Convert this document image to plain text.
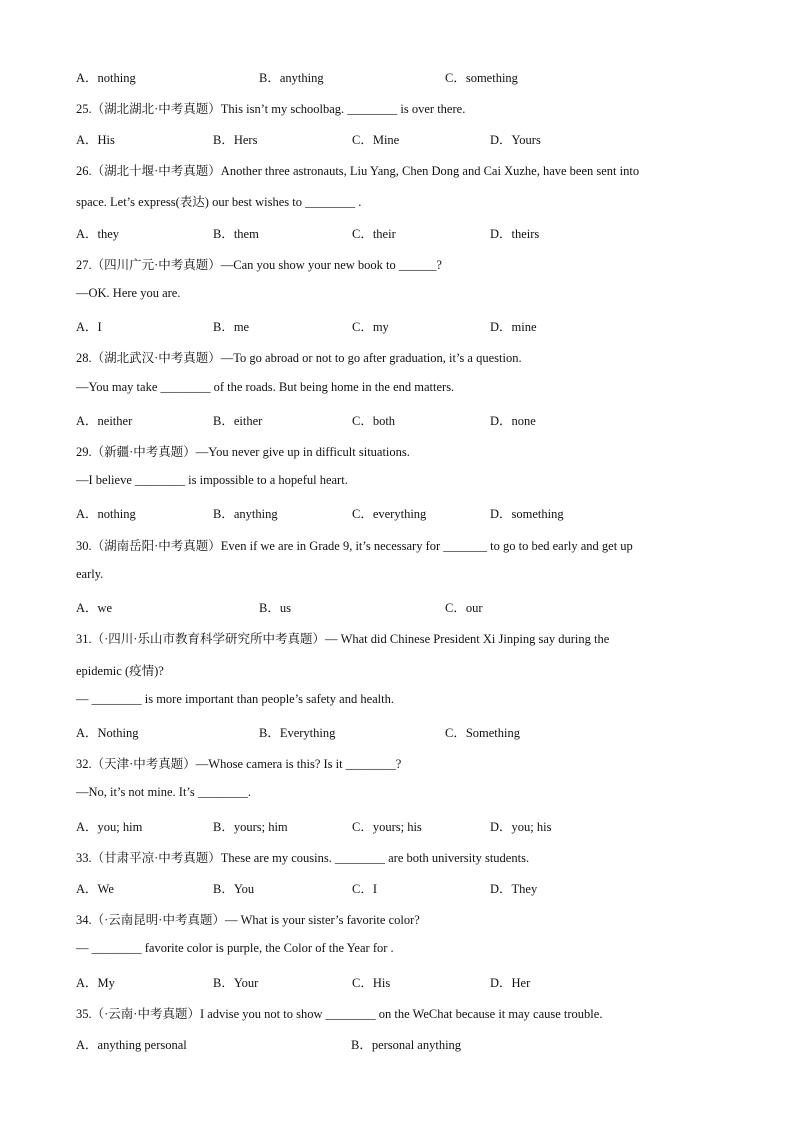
A．nothing	B．anything	C．something
25.（湖北湖北·中考真题）This isn’t my schoolbag. ________ is over there.
A．His	B．Hers	C．Mine	D．Yours
26.（湖北十堰·中考真题）Another three astronauts, Liu Yang, Chen Dong and Cai Xuzhe, have been sent into
space. Let’s express(表达) our best wishes to ________ .
A．they	B．them	C．their	D．theirs
27.（四川广元·中考真题）—Can you show your new book to ______?
—OK. Here you are.
A．I	B．me	C．my	D．mine
28.（湖北武汉·中考真题）—To go abroad or not to go after graduation, it’s a question.
—You may take ________ of the roads. But being home in the end matters.
A．neither	B．either	C．both	D．none
29.（新疆·中考真题）—You never give up in difficult situations.
—I believe ________ is impossible to a hopeful heart.
A．nothing	B．anything	C．everything	D．something
30.（湖南岳阳·中考真题）Even if we are in Grade 9, it’s necessary for _______ to go to bed early and get up
early.
A．we	B．us	C．our
31.（·四川·乐山市教育科学研究所中考真题）— What did Chinese President Xi Jinping say during the
epidemic (疫情)?
— ________ is more important than people’s safety and health.
A．Nothing	B．Everything	C．Something
32.（天津·中考真题）—Whose camera is this? Is it ________?
—No, it’s not mine. It’s ________.
A．you; him	B．yours; him	C．yours; his	D．you; his
33.（甘肃平凉·中考真题）These are my cousins. ________ are both university students.
A．We	B．You	C．I	D．They
34.（·云南昆明·中考真题）— What is your sister’s favorite color?
— ________ favorite color is purple, the Color of the Year for .
A．My	B．Your	C．His	D．Her
35.（·云南·中考真题）I advise you not to show ________ on the WeChat because it may cause trouble.
A．anything personal	B．personal anything
